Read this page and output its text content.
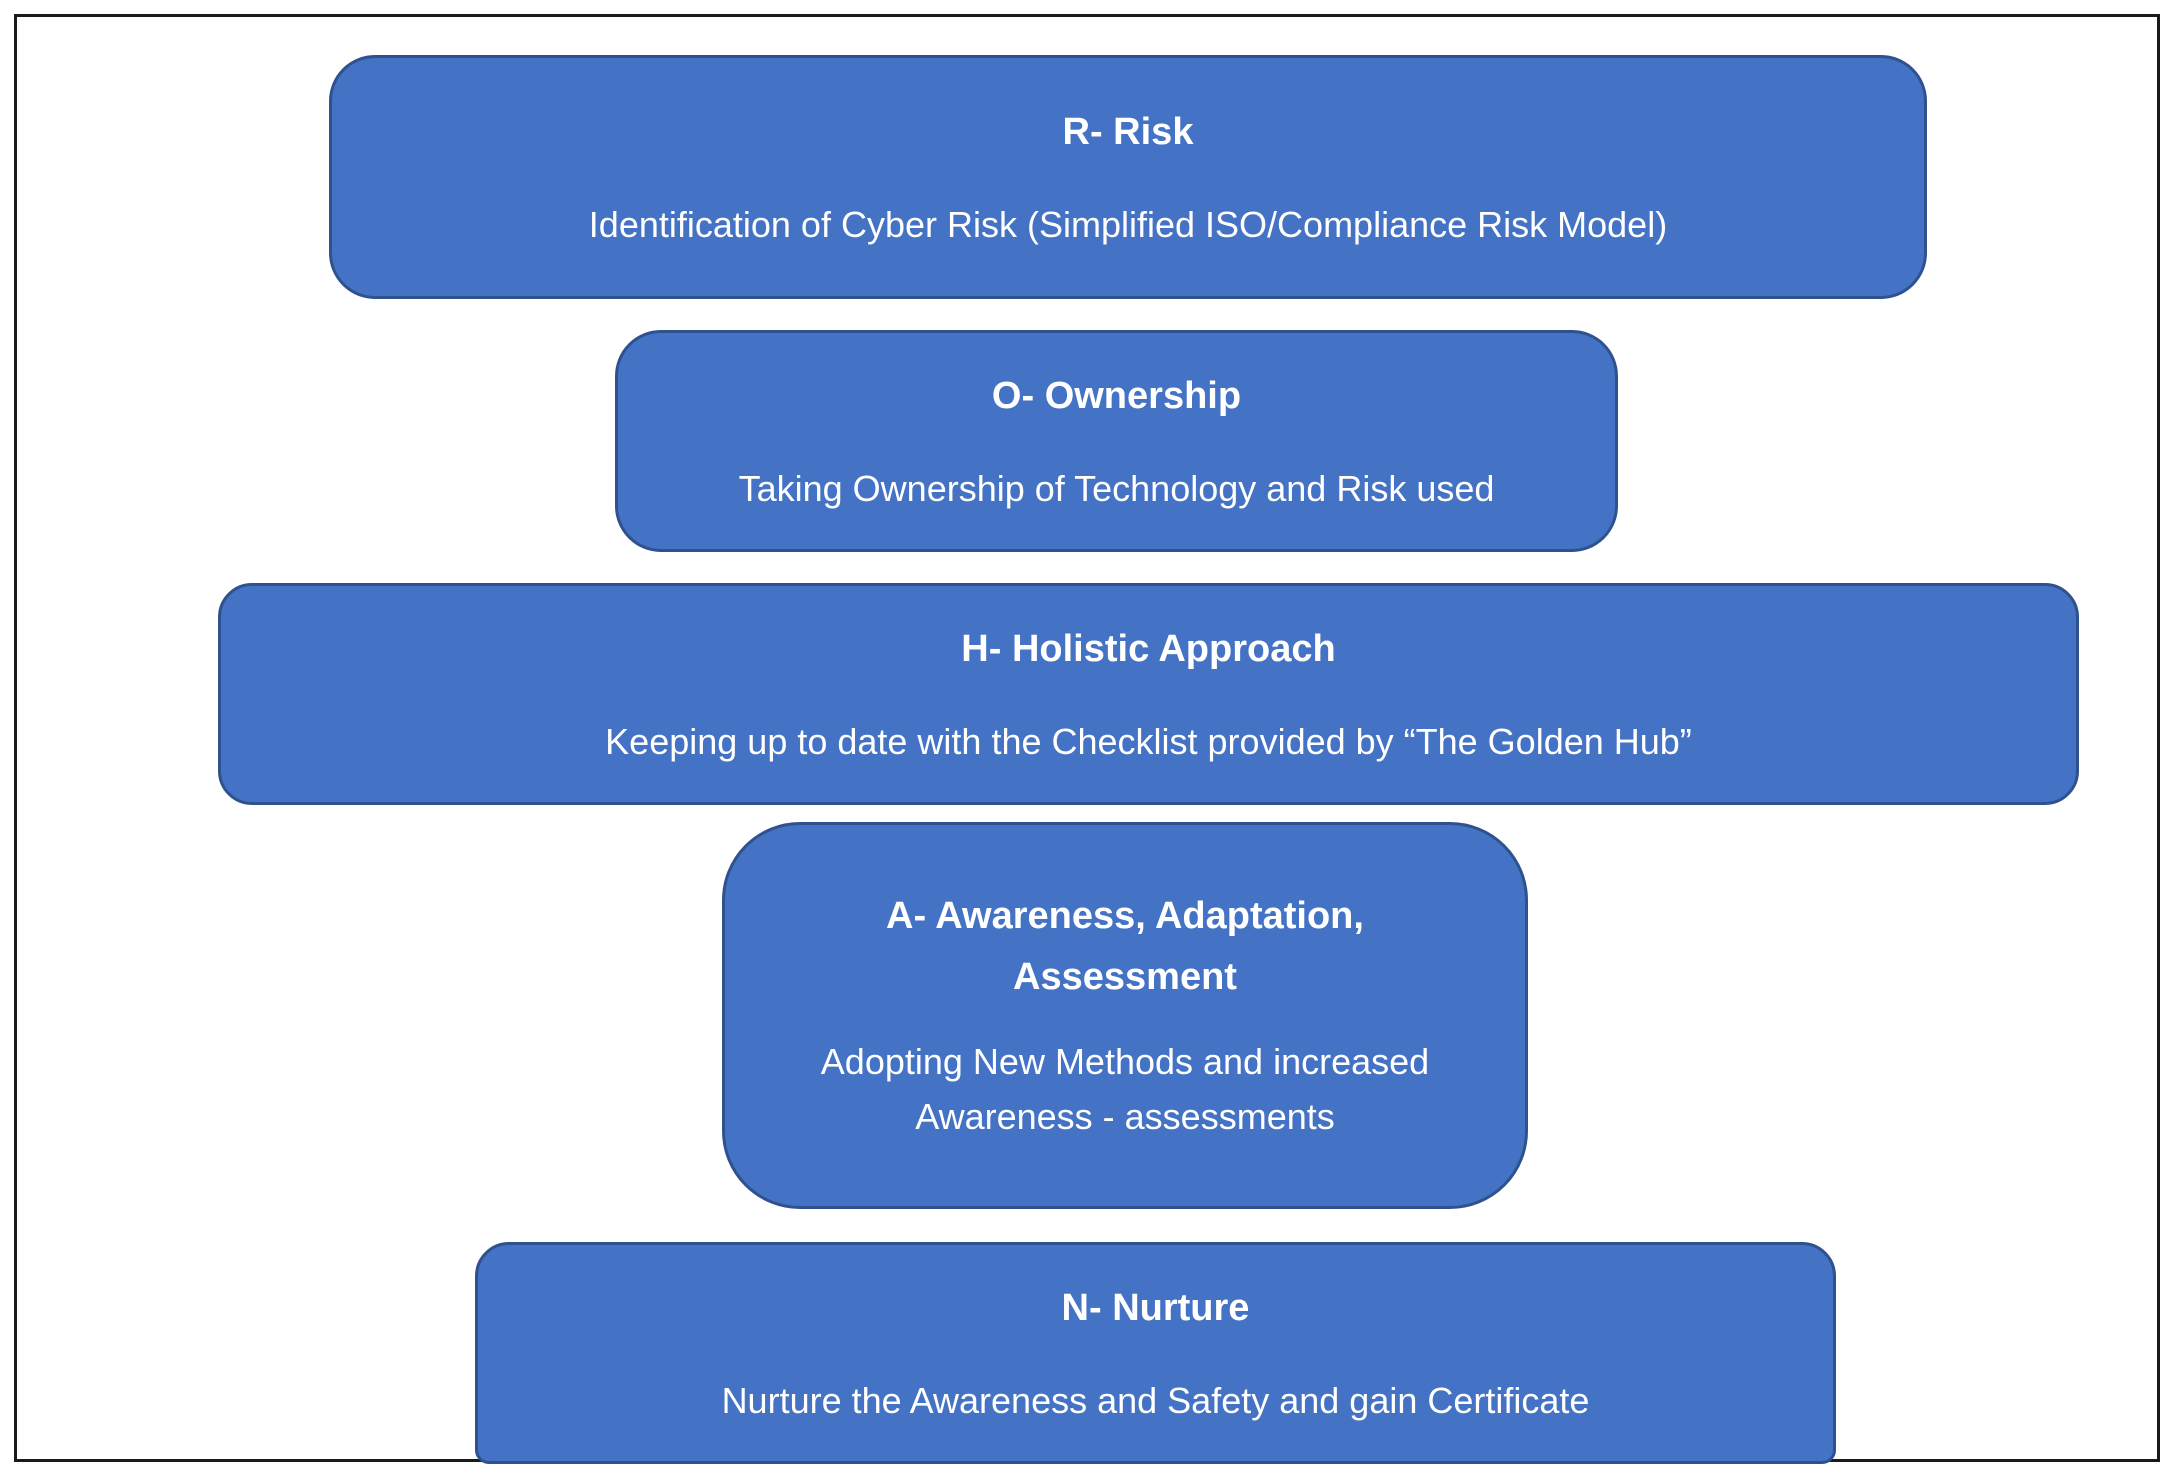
R- Risk

Identification of Cyber Risk (Simplified ISO/Compliance Risk Model)

O- Ownership

Taking Ownership of Technology and Risk used

H- Holistic Approach

Keeping up to date with the Checklist provided by “The Golden Hub”

A- Awareness, Adaptation, Assessment

Adopting New Methods and increased Awareness - assessments

N- Nurture

Nurture the Awareness and Safety and gain Certificate
